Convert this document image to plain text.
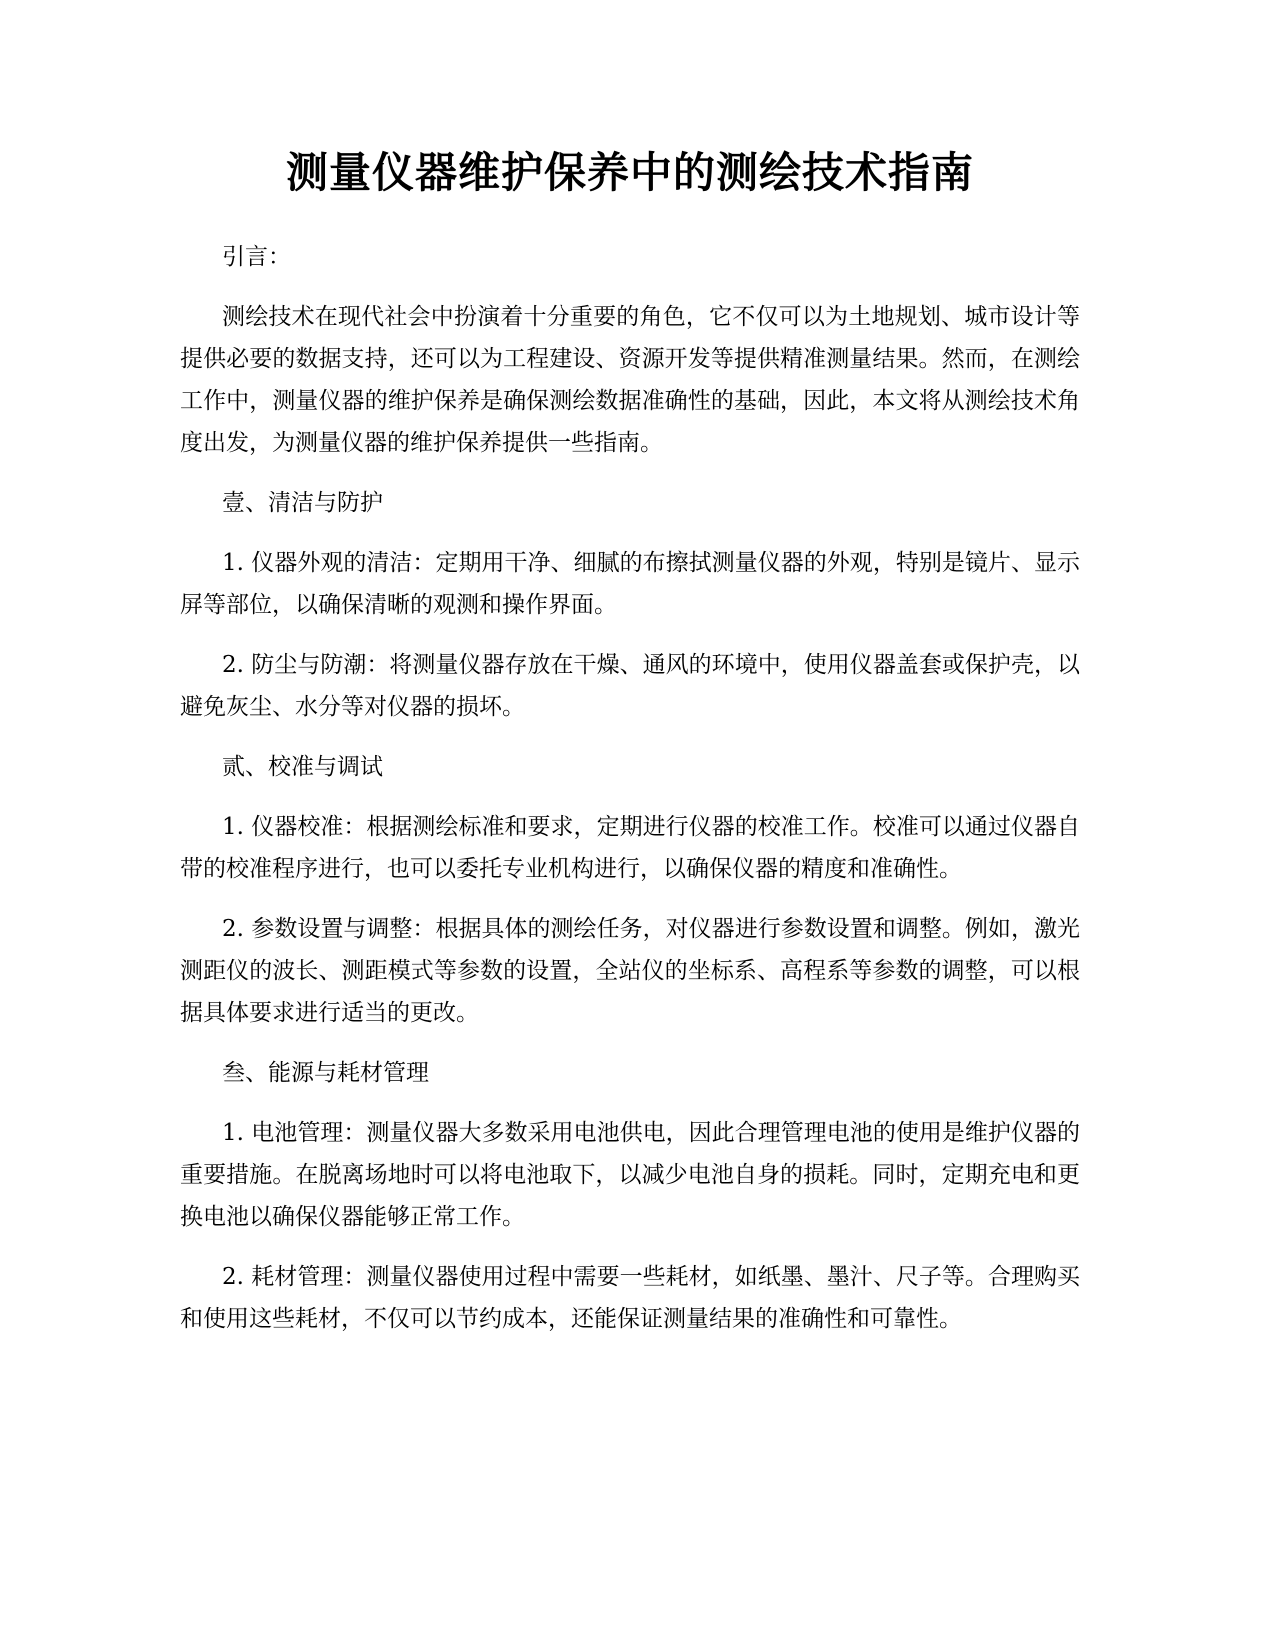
测量仪器维护保养中的测绘技术指南

引言：

测绘技术在现代社会中扮演着十分重要的角色，它不仅可以为土地规划、城市设计等提供必要的数据支持，还可以为工程建设、资源开发等提供精准测量结果。然而，在测绘工作中，测量仪器的维护保养是确保测绘数据准确性的基础，因此，本文将从测绘技术角度出发，为测量仪器的维护保养提供一些指南。

壹、清洁与防护

1. 仪器外观的清洁：定期用干净、细腻的布擦拭测量仪器的外观，特别是镜片、显示屏等部位，以确保清晰的观测和操作界面。

2. 防尘与防潮：将测量仪器存放在干燥、通风的环境中，使用仪器盖套或保护壳，以避免灰尘、水分等对仪器的损坏。

贰、校准与调试

1. 仪器校准：根据测绘标准和要求，定期进行仪器的校准工作。校准可以通过仪器自带的校准程序进行，也可以委托专业机构进行，以确保仪器的精度和准确性。

2. 参数设置与调整：根据具体的测绘任务，对仪器进行参数设置和调整。例如，激光测距仪的波长、测距模式等参数的设置，全站仪的坐标系、高程系等参数的调整，可以根据具体要求进行适当的更改。

叁、能源与耗材管理

1. 电池管理：测量仪器大多数采用电池供电，因此合理管理电池的使用是维护仪器的重要措施。在脱离场地时可以将电池取下，以减少电池自身的损耗。同时，定期充电和更换电池以确保仪器能够正常工作。

2. 耗材管理：测量仪器使用过程中需要一些耗材，如纸墨、墨汁、尺子等。合理购买和使用这些耗材，不仅可以节约成本，还能保证测量结果的准确性和可靠性。
